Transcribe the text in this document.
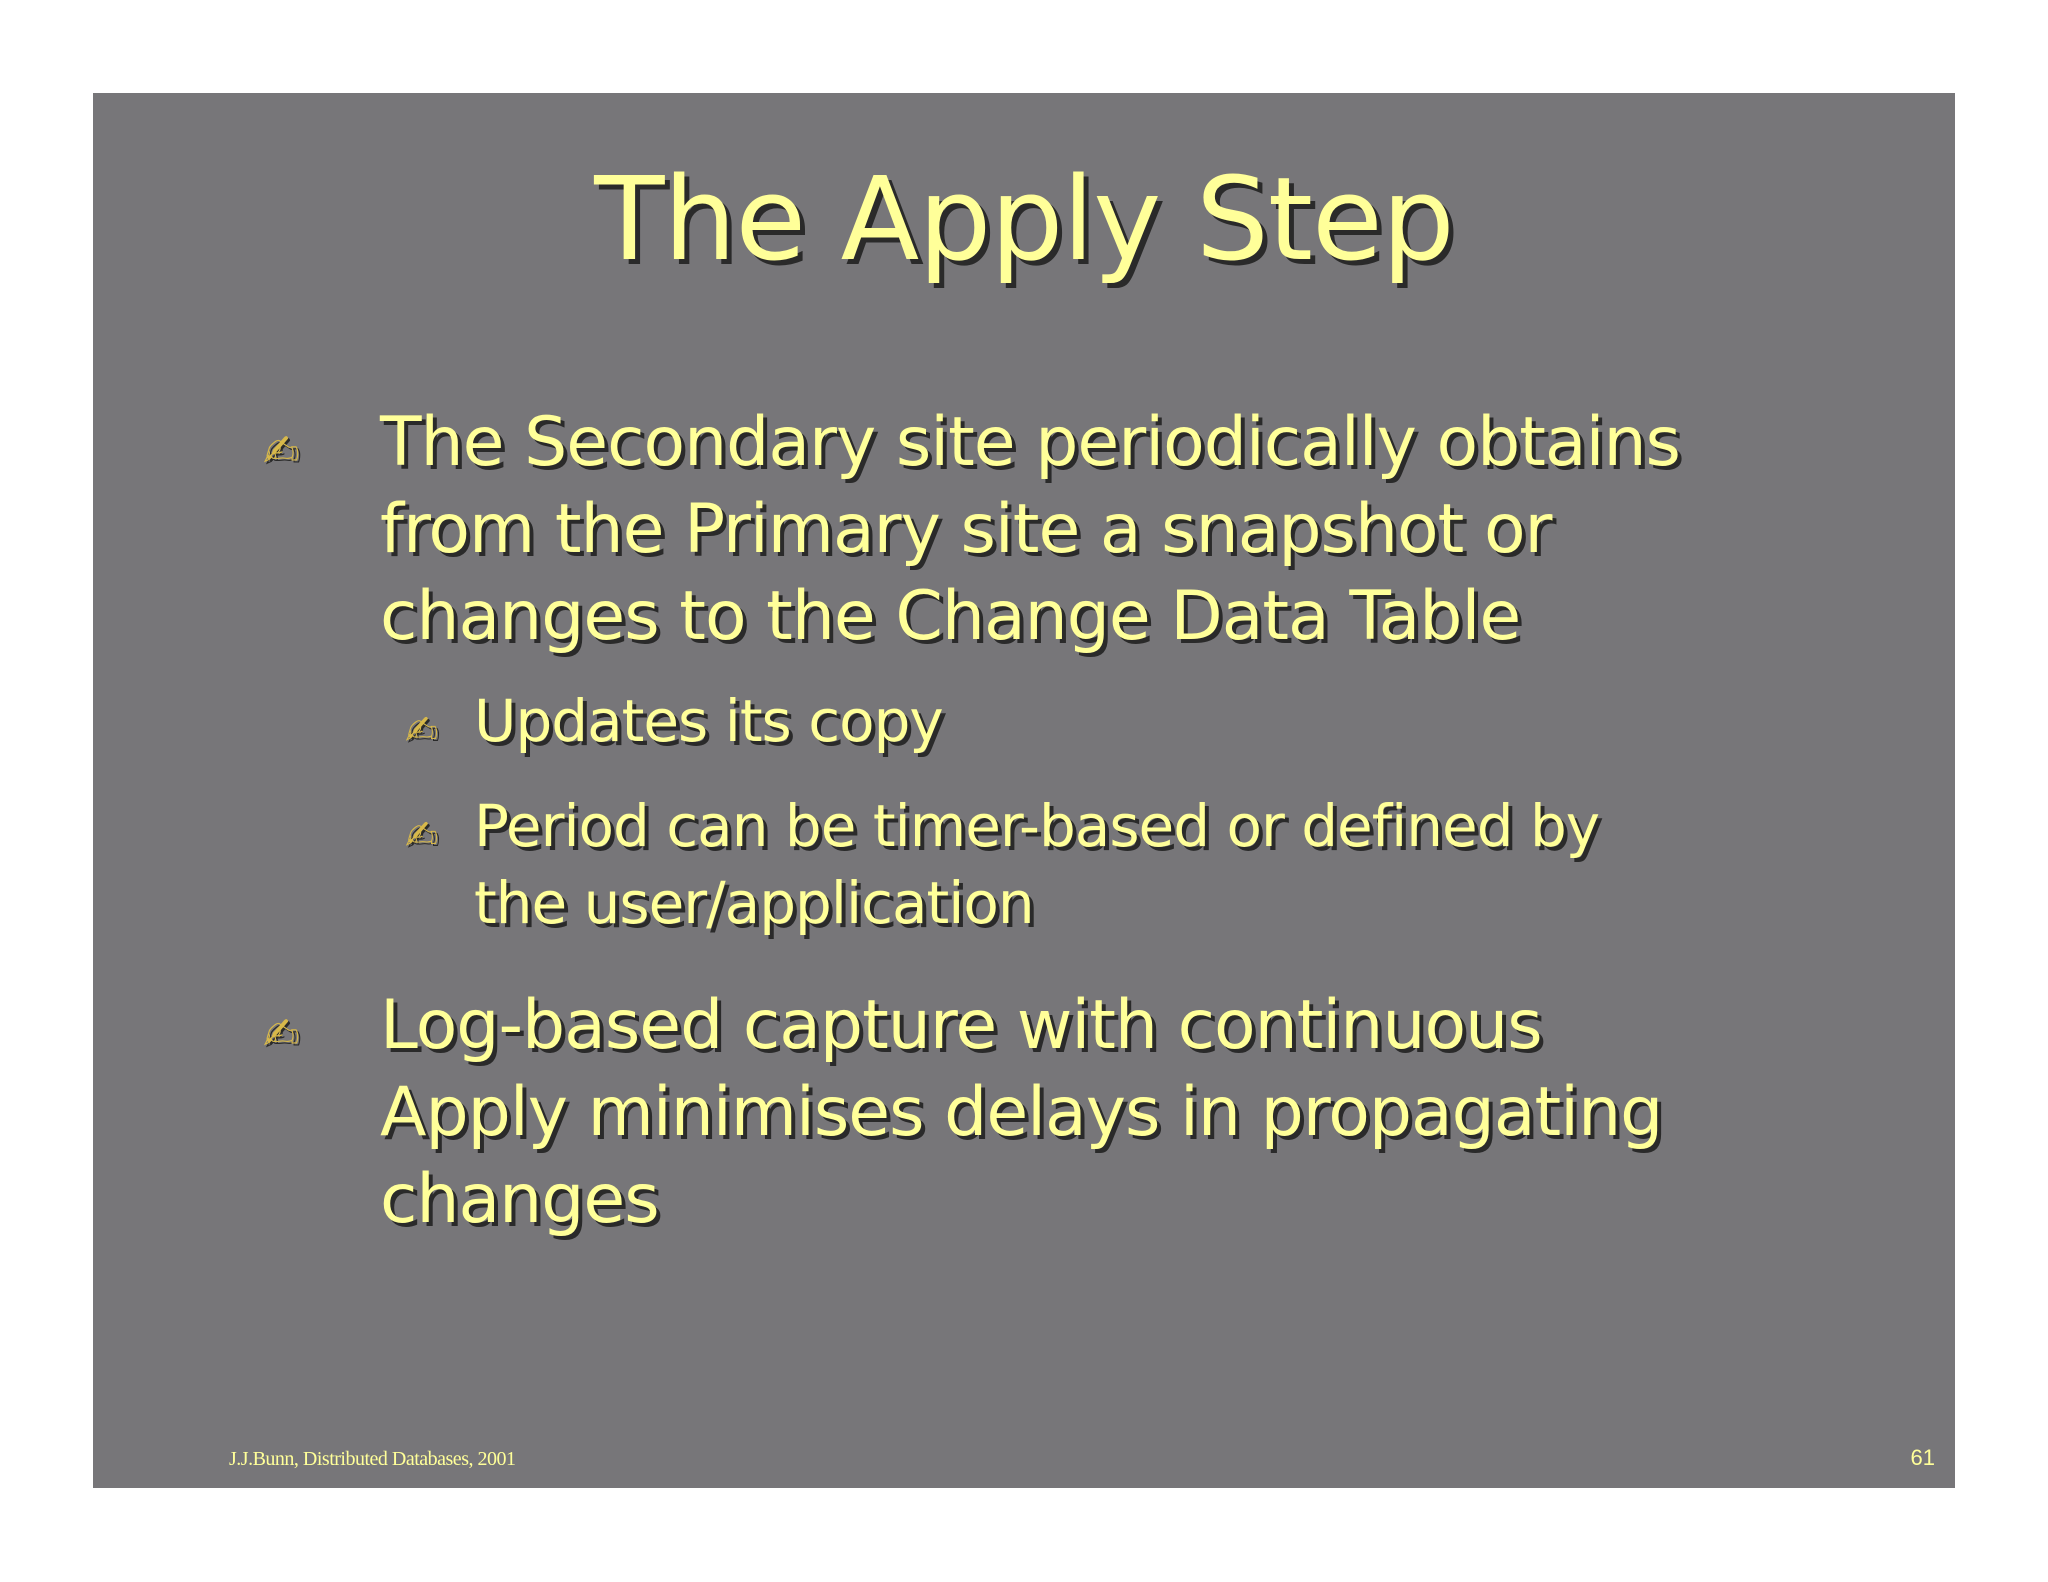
The Apply Step
✍ The Secondary site periodically obtains
from the Primary site a snapshot or
changes to the Change Data Table
✍ Updates its copy
✍ Period can be timer-based or defined by
the user/application
✍ Log-based capture with continuous
Apply minimises delays in propagating
changes
J.J.Bunn, Distributed Databases, 2001	61
